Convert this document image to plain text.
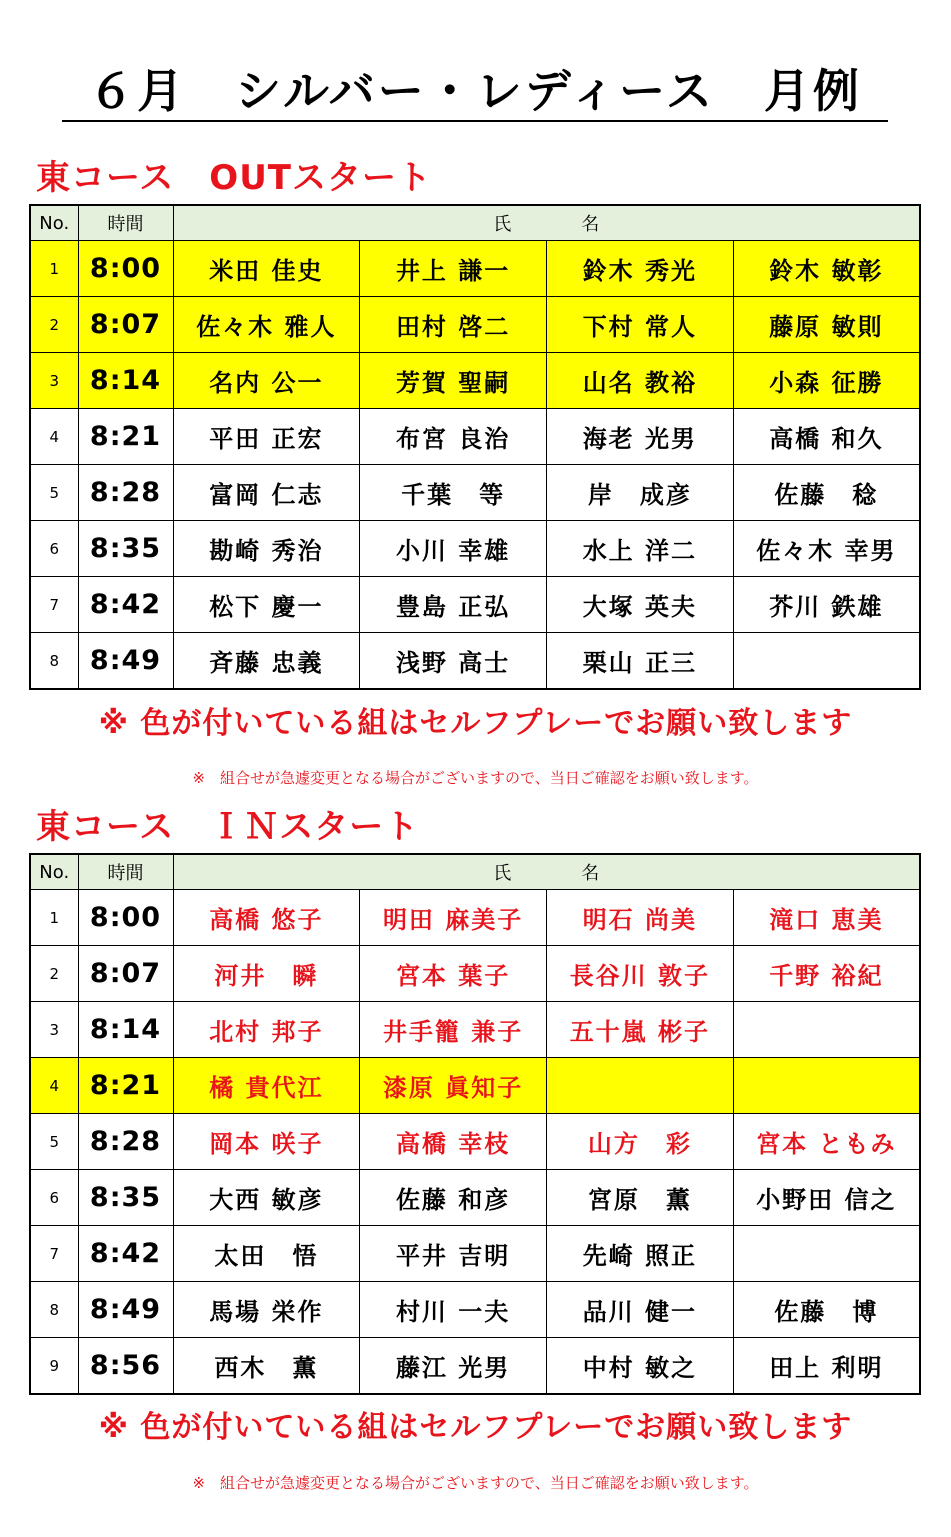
６月　シルバー・レディース　月例
東コース　OUTスタート
No.	時間	氏 名			
1	8:00	米田 佳史	井上 謙一	鈴木 秀光	鈴木 敏彰
2	8:07	佐々木 雅人	田村 啓二	下村 常人	藤原 敏則
3	8:14	名内 公一	芳賀 聖嗣	山名 教裕	小森 征勝
4	8:21	平田 正宏	布宮 良治	海老 光男	高橋 和久
5	8:28	富岡 仁志	千葉　等	岸　成彦	佐藤　稔
6	8:35	勘崎 秀治	小川 幸雄	水上 洋二	佐々木 幸男
7	8:42	松下 慶一	豊島 正弘	大塚 英夫	芥川 鉄雄
8	8:49	斉藤 忠義	浅野 高士	栗山 正三	
※ 色が付いている組はセルフプレーでお願い致します
※　組合せが急遽変更となる場合がございますので、当日ご確認をお願い致します。
東コース　ＩＮスタート
No.	時間	氏 名			
1	8:00	高橋 悠子	明田 麻美子	明石 尚美	滝口 恵美
2	8:07	河井　瞬	宮本 葉子	長谷川 敦子	千野 裕紀
3	8:14	北村 邦子	井手籠 兼子	五十嵐 彬子	
4	8:21	橘 貴代江	漆原 眞知子		
5	8:28	岡本 咲子	高橋 幸枝	山方　彩	宮本 ともみ
6	8:35	大西 敏彦	佐藤 和彦	宮原　薫	小野田 信之
7	8:42	太田　悟	平井 吉明	先崎 照正	
8	8:49	馬場 栄作	村川 一夫	品川 健一	佐藤　博
9	8:56	西木　薫	藤江 光男	中村 敏之	田上 利明
※ 色が付いている組はセルフプレーでお願い致します
※　組合せが急遽変更となる場合がございますので、当日ご確認をお願い致します。
